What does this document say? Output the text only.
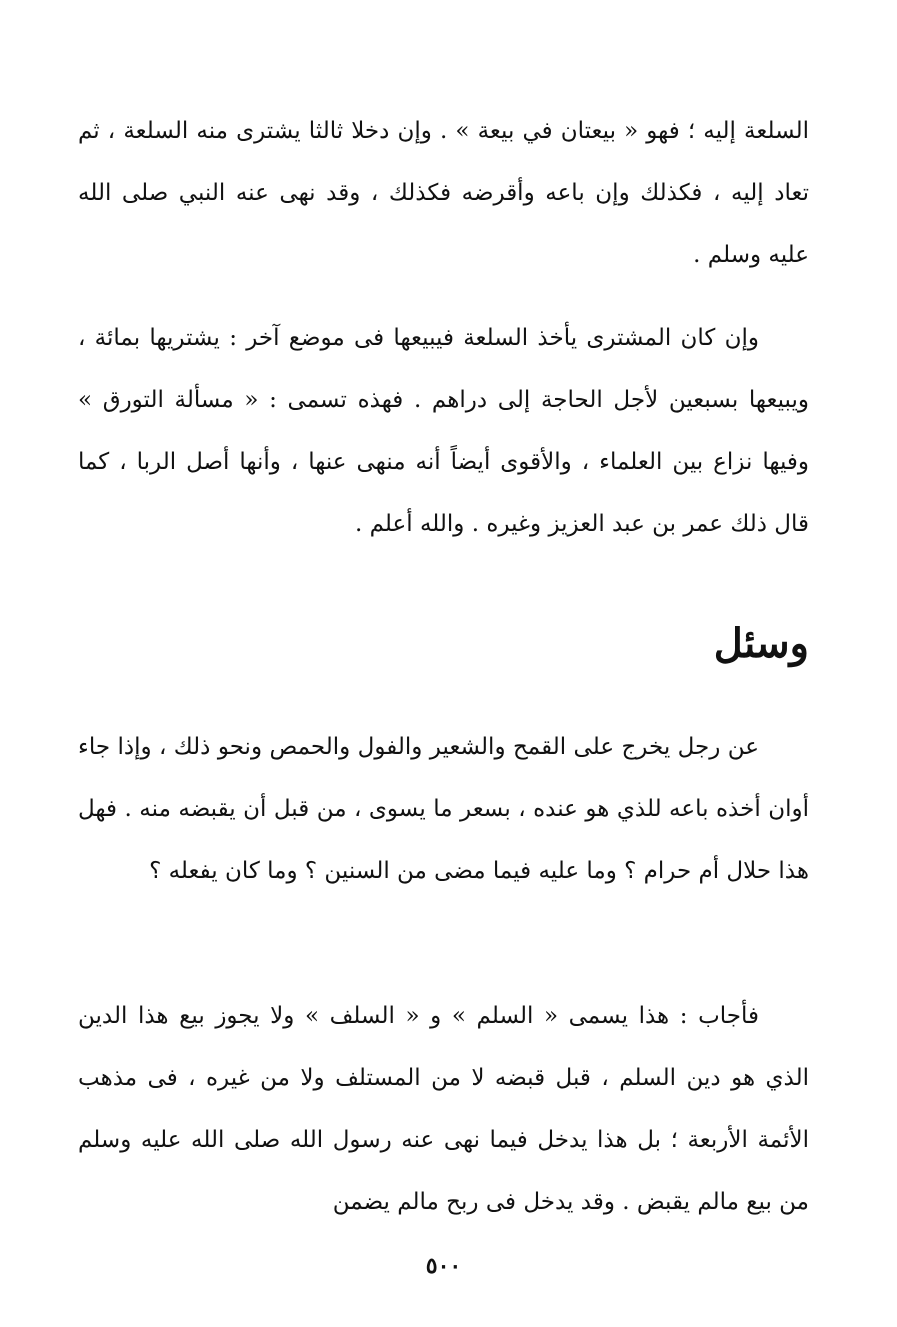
السلعة إليه ؛ فهو « بيعتان في بيعة » . وإن دخلا ثالثا يشترى منه السلعة ، ثم تعاد إليه ، فكذلك وإن باعه وأقرضه فكذلك ، وقد نهى عنه النبي صلى الله عليه وسلم .

وإن كان المشترى يأخذ السلعة فيبيعها فى موضع آخر : يشتريها بمائة ، ويبيعها بسبعين لأجل الحاجة إلى دراهم . فهذه تسمى : « مسألة التورق » وفيها نزاع بين العلماء ، والأقوى أيضاً أنه منهى عنها ، وأنها أصل الربا ، كما قال ذلك عمر بن عبد العزيز وغيره . والله أعلم .

وسئل

عن رجل يخرج على القمح والشعير والفول والحمص ونحو ذلك ، وإذا جاء أوان أخذه باعه للذي هو عنده ، بسعر ما يسوى ، من قبل أن يقبضه منه . فهل هذا حلال أم حرام ؟ وما عليه فيما مضى من السنين ؟ وما كان يفعله ؟

فأجاب : هذا يسمى « السلم » و « السلف » ولا يجوز بيع هذا الدين الذي هو دين السلم ، قبل قبضه لا من المستلف ولا من غيره ، فى مذهب الأئمة الأربعة ؛ بل هذا يدخل فيما نهى عنه رسول الله صلى الله عليه وسلم من بيع مالم يقبض . وقد يدخل فى ربح مالم يضمن

٥٠٠
